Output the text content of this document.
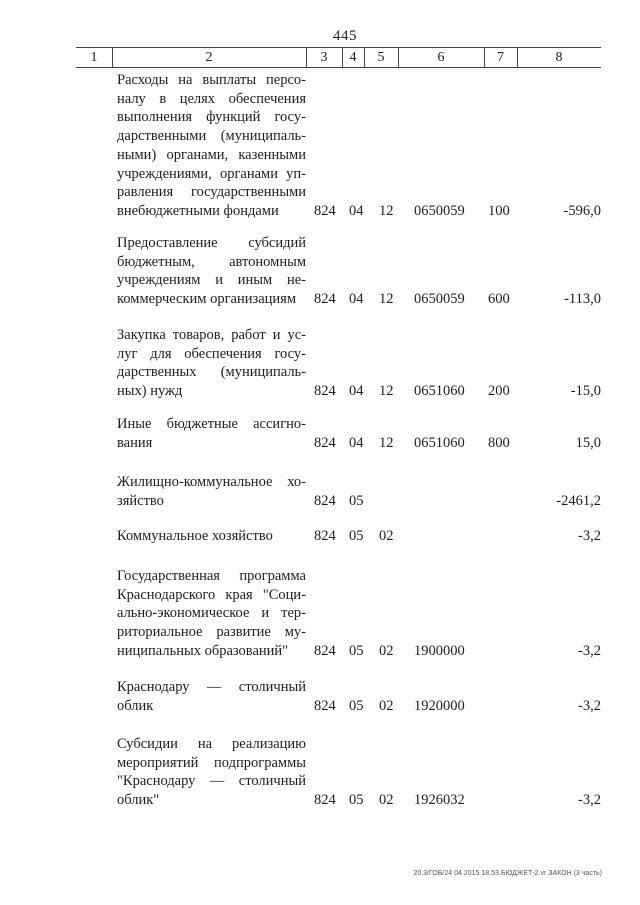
445
1	2	3	4	5	6	7	8
Расходы на выплаты персо-
налу в целях обеспечения
выполнения функций госу-
дарственными (муниципаль-
ными) органами, казенными
учреждениями, органами уп-
равления государственными
внебюджетными фондами	824 04 12 0650059 100	-596,0
Предоставление субсидий
бюджетным, автономным
учреждениям и иным не-
коммерческим организациям	824 04 12 0650059 600	-113,0
Закупка товаров, работ и ус-
луг для обеспечения госу-
дарственных (муниципаль-
ных) нужд	824 04 12 0651060 200	-15,0
Иные бюджетные ассигно-
вания	824 04 12 0651060 800	15,0
Жилищно-коммунальное хо-
зяйство	824 05	-2461,2
Коммунальное хозяйство	824 05 02	-3,2
Государственная программа
Краснодарского края "Соци-
ально-экономическое и тер-
риториальное развитие му-
ниципальных образований"	824 05 02 1900000	-3,2
Краснодару — столичный
облик	824 05 02 1920000	-3,2
Субсидии на реализацию
мероприятий подпрограммы
"Краснодару — столичный
облик"	824 05 02 1926032	-3,2
20.3/ГОБ/24 04.2015 18.53.БЮДЖЕТ-2.vr ЗАКОН (3 часть)
